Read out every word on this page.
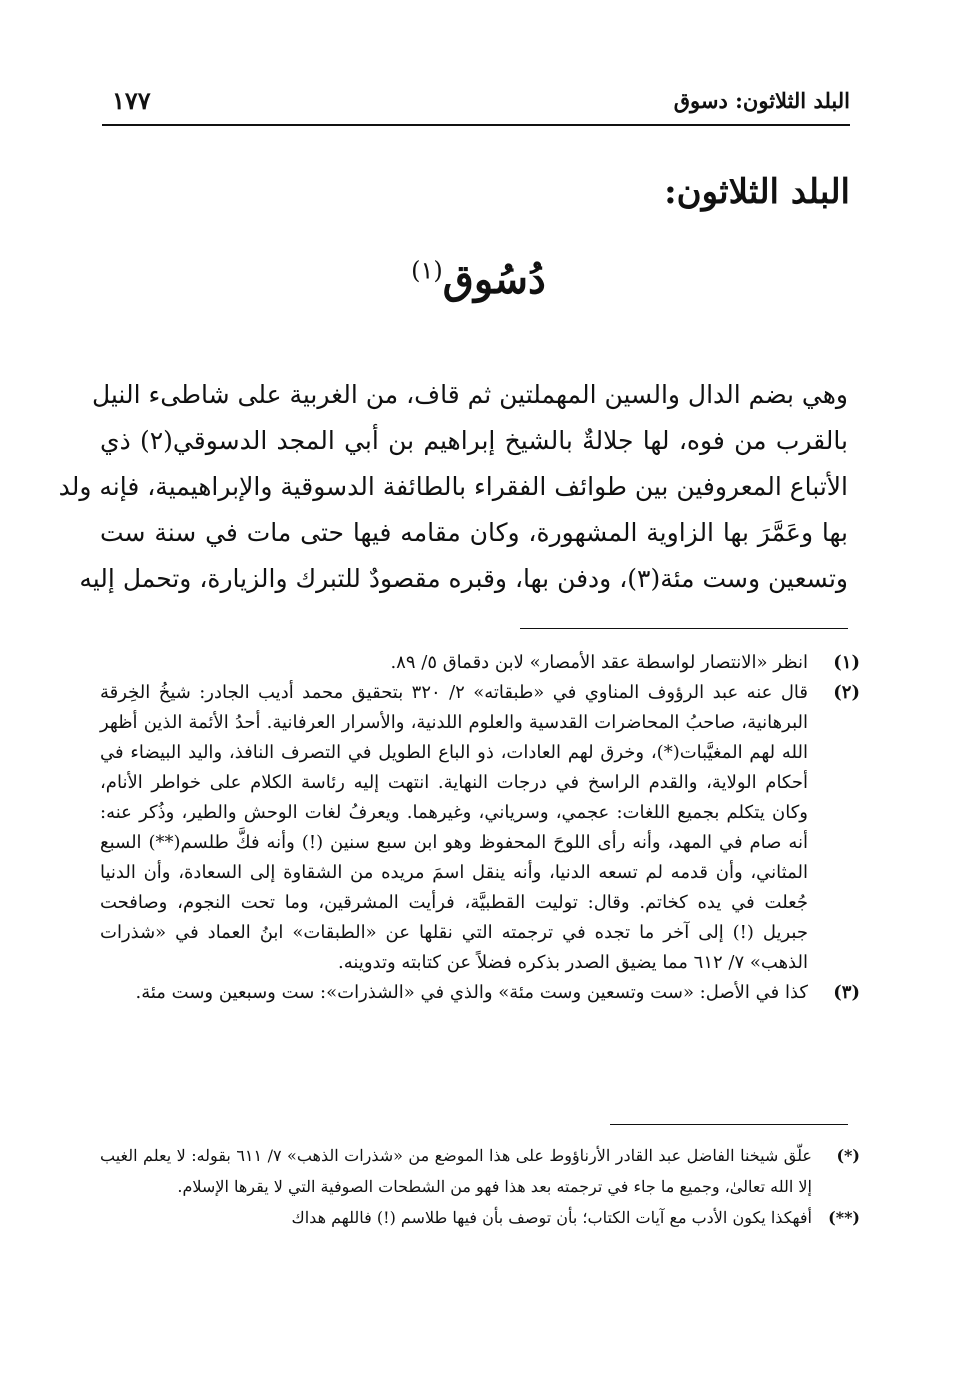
البلد الثلاثون: دسوق
١٧٧
البلد الثلاثون:
دُسُوق$^{(١)}$
وهي بضم الدال والسين المهملتين ثم قاف، من الغربية على شاطىء النيل
بالقرب من فوه، لها جلالةٌ بالشيخ إبراهيم بن أبي المجد الدسوقي(٢) ذي
الأتباع المعروفين بين طوائف الفقراء بالطائفة الدسوقية والإبراهيمية، فإنه ولد
بها وعَمَّرَ بها الزاوية المشهورة، وكان مقامه فيها حتى مات في سنة ست
وتسعين وست مئة(٣)، ودفن بها، وقبره مقصودٌ للتبرك والزيارة، وتحمل إليه
(١)
انظر «الانتصار لواسطة عقد الأمصار» لابن دقماق ٥/ ٨٩.
(٢)
قال عنه عبد الرؤوف المناوي في «طبقاته» ٢/ ٣٢٠ بتحقيق محمد أديب الجادر: شيخُ الخِرقة البرهانية، صاحبُ المحاضرات القدسية والعلوم اللدنية، والأسرار العرفانية. أحدُ الأئمة الذين أظهر الله لهم المغيَّبات(*)، وخرق لهم العادات، ذو الباع الطويل في التصرف النافذ، واليد البيضاء في أحكام الولاية، والقدم الراسخ في درجات النهاية. انتهت إليه رئاسة الكلام على خواطر الأنام، وكان يتكلم بجميع اللغات: عجمي، وسرياني، وغيرهما. ويعرفُ لغات الوحش والطير، وذُكر عنه: أنه صام في المهد، وأنه رأى اللوحَ المحفوظ وهو ابن سبع سنين (!) وأنه فكَّ طلسم(**) السبع المثاني، وأن قدمه لم تسعه الدنيا، وأنه ينقل اسمَ مريده من الشقاوة إلى السعادة، وأن الدنيا جُعلت في يده كخاتم. وقال: توليت القطبيَّة، فرأيت المشرقين، وما تحت النجوم، وصافحت جبريل (!) إلى آخر ما تجده في ترجمته التي نقلها عن «الطبقات» ابنُ العماد في «شذرات الذهب» ٧/ ٦١٢ مما يضيق الصدر بذكره فضلاً عن كتابته وتدوينه.
(٣)
كذا في الأصل: «ست وتسعين وست مئة» والذي في «الشذرات»: ست وسبعين وست مئة.
(*)
علّق شيخنا الفاضل عبد القادر الأرناؤوط على هذا الموضع من «شذرات الذهب» ٧/ ٦١١ بقوله: لا يعلم الغيب إلا الله تعالىٰ، وجميع ما جاء في ترجمته بعد هذا فهو من الشطحات الصوفية التي لا يقرها الإسلام.
(**)
أفهكذا يكون الأدب مع آيات الكتاب؛ بأن توصف بأن فيها طلاسم (!) فاللهم هداك
